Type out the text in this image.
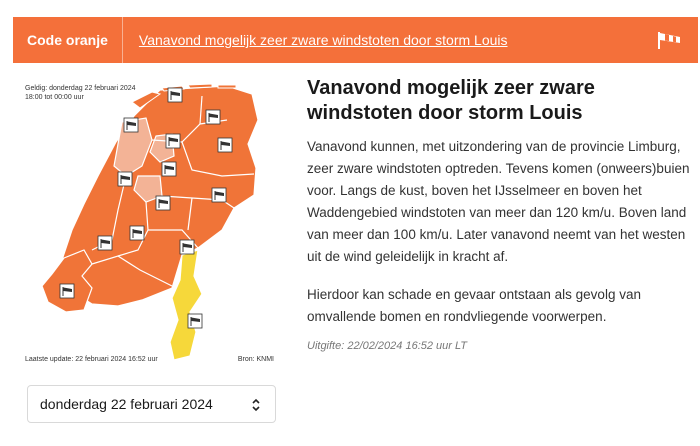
Code oranje	Vanavond mogelijk zeer zware windstoten door storm Louis
Geldig: donderdag 22 februari 2024
18:00 tot 00:00 uur
Laatste update: 22 februari 2024 16:52 uur	Bron: KNMI
donderdag 22 februari 2024
Vanavond mogelijk zeer zware windstoten door storm Louis

Vanavond kunnen, met uitzondering van de provincie Limburg, zeer zware windstoten optreden. Tevens komen (onweers)buien voor. Langs de kust, boven het IJsselmeer en boven het Waddengebied windstoten van meer dan 120 km/u. Boven land van meer dan 100 km/u. Later vanavond neemt van het westen uit de wind geleidelijk in kracht af.

Hierdoor kan schade en gevaar ontstaan als gevolg van omvallende bomen en rondvliegende voorwerpen.

Uitgifte: 22/02/2024 16:52 uur LT
